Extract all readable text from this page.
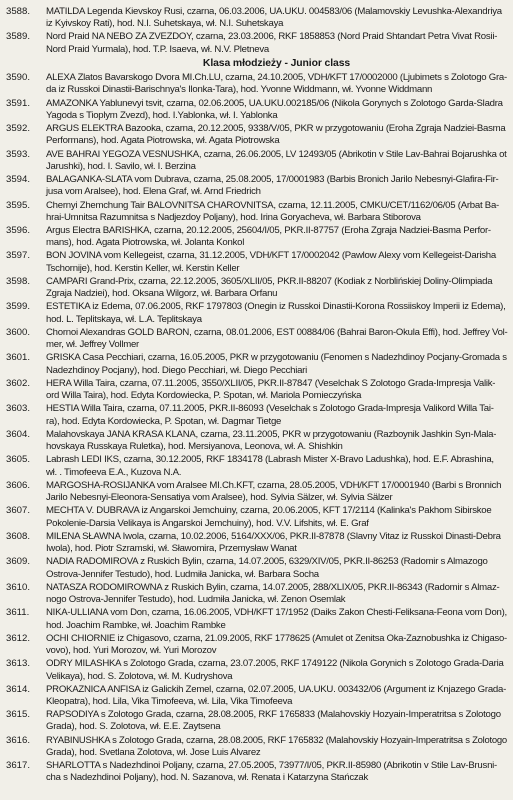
3588.	MATILDA Legenda Kievskoy Rusi, czarna, 06.03.2006, UA.UKU. 004583/06 (Malamovskiy Levushka-Alexandriya
iz Kyivskoy Rati), hod. N.I. Suhetskaya, wł. N.I. Suhetskaya
3589.	Nord Praid NA NEBO ZA ZVEZDOY, czarna, 23.03.2006, RKF 1858853 (Nord Praid Shtandart Petra Vivat Rosii-
Nord Praid Yurmala), hod. T.P. Isaeva, wł. N.V. Pletneva
Klasa młodzieży - Junior class
3590.	ALEXA Zlatos Bavarskogo Dvora MI.Ch.LU, czarna, 24.10.2005, VDH/KFT 17/0002000 (Ljubimets s Zolotogo Gra-
da iz Russkoi Dinastii-Barischnya's Ilonka-Tara), hod. Yvonne Widdmann, wł. Yvonne Widdmann
3591.	AMAZONKA Yablunevyi tsvit, czarna, 02.06.2005, UA.UKU.002185/06 (Nikola Gorynych s Zolotogo Garda-Sladra
Yagoda s Tioplym Zvezd), hod. I.Yablonka, wł. I. Yablonka
3592.	ARGUS ELEKTRA Bazooka, czarna, 20.12.2005, 9338/V/05, PKR w przygotowaniu (Eroha Zgraja Nadziei-Basma
Performans), hod. Agata Piotrowska, wł. Agata Piotrowska
3593.	AVE BAHRAI YEGOZA VESNUSHKA, czarna, 26.06.2005, LV 12493/05 (Abrikotin v Stile Lav-Bahrai Bojarushka ot
Jarushki), hod. I. Savilo, wł. I. Berzina
3594.	BALAGANKA-SLATA vom Dubrava, czarna, 25.08.2005, 17/0001983 (Barbis Bronich Jarilo Nebesnyi-Glafira-Fir-
jusa vom Aralsee), hod. Elena Graf, wł. Arnd Friedrich
3595.	Chernyi Zhemchung Tair BALOVNITSA CHAROVNITSA, czarna, 12.11.2005, CMKU/CET/1162/06/05 (Arbat Ba-
hrai-Umnitsa Razumnitsa s Nadjezdoy Poljany), hod. Irina Goryacheva, wł. Barbara Stiborova
3596.	Argus Electra BARISHKA, czarna, 20.12.2005, 25604/I/05, PKR.II-87757 (Eroha Zgraja Nadziei-Basma Perfor-
mans), hod. Agata Piotrowska, wł. Jolanta Konkol
3597.	BON JOVINA vom Kellegeist, czarna, 31.12.2005, VDH/KFT 17/0002042 (Pawlow Alexy vom Kellegeist-Darisha
Tschornije), hod. Kerstin Keller, wł. Kerstin Keller
3598.	CAMPARI Grand-Prix, czarna, 22.12.2005, 3605/XLII/05, PKR.II-88207 (Kodiak z Norblińskiej Doliny-Olimpiada
Zgraja Nadziei), hod. Oksana Wilgorz, wł. Barbara Orfanu
3599.	ESTETIKA iz Edema, 07.06.2005, RKF 1797803 (Onegin iz Russkoi Dinastii-Korona Rossiiskoy Imperii iz Edema),
hod. L. Teplitskaya, wł. L.A. Teplitskaya
3600.	Chornoi Alexandras GOLD BARON, czarna, 08.01.2006, EST 00884/06 (Bahrai Baron-Okula Effi), hod. Jeffrey Vol-
mer, wł. Jeffrey Vollmer
3601.	GRISKA Casa Pecchiari, czarna, 16.05.2005, PKR w przygotowaniu (Fenomen s Nadezhdinoy Pocjany-Gromada s
Nadezhdinoy Pocjany), hod. Diego Pecchiari, wł. Diego Pecchiari
3602.	HERA Willa Taira, czarna, 07.11.2005, 3550/XLII/05, PKR.II-87847 (Veselchak S Zolotogo Grada-Impresja Valik-
ord Willa Taira), hod. Edyta Kordowiecka, P. Spotan, wł. Mariola Pomieczyńska
3603.	HESTIA Willa Taira, czarna, 07.11.2005, PKR.II-86093 (Veselchak s Zolotogo Grada-Impresja Valikord Willa Tai-
ra), hod. Edyta Kordowiecka, P. Spotan, wł. Dagmar Tietge
3604.	Malahovskaya JANA KRASA KLANA, czarna, 23.11.2005, PKR w przygotowaniu (Razboynik Jashkin Syn-Mala-
hovskaya Russkaya Ruletka), hod. Mersiyanova, Leonova, wł. A. Shishkin
3605.	Labrash LEDI IKS, czarna, 30.12.2005, RKF 1834178 (Labrash Mister X-Bravo Ladushka), hod. E.F. Abrashina,
wł. . Timofeeva E.A., Kuzova N.A.
3606.	MARGOSHA-ROSIJANKA vom Aralsee MI.Ch.KFT, czarna, 28.05.2005, VDH/KFT 17/0001940 (Barbi s Bronnich
Jarilo Nebesnyi-Eleonora-Sensatiya vom Aralsee), hod. Sylvia Sälzer, wł. Sylvia Sälzer
3607.	MECHTA V. DUBRAVA iz Angarskoi Jemchuiny, czarna, 20.06.2005, KFT 17/2114 (Kalinka's Pakhom Sibirskoe
Pokolenie-Darsia Velikaya is Angarskoi Jemchuiny), hod. V.V. Lifshits, wł. E. Graf
3608.	MILENA SŁAWNA Iwola, czarna, 10.02.2006, 5164/XXX/06, PKR.II-87878 (Slavny Vitaz iz Russkoi Dinasti-Debra
Iwola), hod. Piotr Szramski, wł. Sławomira, Przemysław Wanat
3609.	NADIA RADOMIROVA z Ruskich Bylin, czarna, 14.07.2005, 6329/XIV/05, PKR.II-86253 (Radomir s Almazogo
Ostrova-Jennifer Testudo), hod. Ludmiła Janicka, wł. Barbara Socha
3610.	NATASZA RODOMIROWNA z Ruskich Bylin, czarna, 14.07.2005, 288/XLIX/05, PKR.II-86343 (Radomir s Almaz-
nogo Ostrova-Jennifer Testudo), hod. Ludmiła Janicka, wł. Zenon Osemlak
3611.	NIKA-ULLIANA vom Don, czarna, 16.06.2005, VDH/KFT 17/1952 (Daiks Zakon Chesti-Feliksana-Feona vom Don),
hod. Joachim Rambke, wł. Joachim Rambke
3612.	OCHI CHIORNIE iz Chigasovo, czarna, 21.09.2005, RKF 1778625 (Amulet ot Zenitsa Oka-Zaznobushka iz Chigaso-
vovo), hod. Yuri Morozov, wł. Yuri Morozov
3613.	ODRY MILASHKA s Zolotogo Grada, czarna, 23.07.2005, RKF 1749122 (Nikola Gorynich s Zolotogo Grada-Daria
Velikaya), hod. S. Zolotova, wł. M. Kudryshova
3614.	PROKAZNICA ANFISA iz Galickih Zemel, czarna, 02.07.2005, UA.UKU. 003432/06 (Argument iz Knjazego Grada-
Kleopatra), hod. Lila, Vika Timofeeva, wł. Lila, Vika Timofeeva
3615.	RAPSODIYA s Zolotogo Grada, czarna, 28.08.2005, RKF 1765833 (Malahovskiy Hozyain-Imperatritsa s Zolotogo
Grada), hod. S. Zolotova, wł. E.E. Zaytsena
3616.	RYABINUSHKA s Zolotogo Grada, czarna, 28.08.2005, RKF 1765832 (Malahovskiy Hozyain-Imperatritsa s Zolotogo
Grada), hod. Svetlana Zolotova, wł. Jose Luis Alvarez
3617.	SHARLOTTA s Nadezhdinoi Poljany, czarna, 27.05.2005, 73977/I/05, PKR.II-85980 (Abrikotin v Stile Lav-Brusni-
cha s Nadezhdinoi Poljany), hod. N. Sazanova, wł. Renata i Katarzyna Stańczak
